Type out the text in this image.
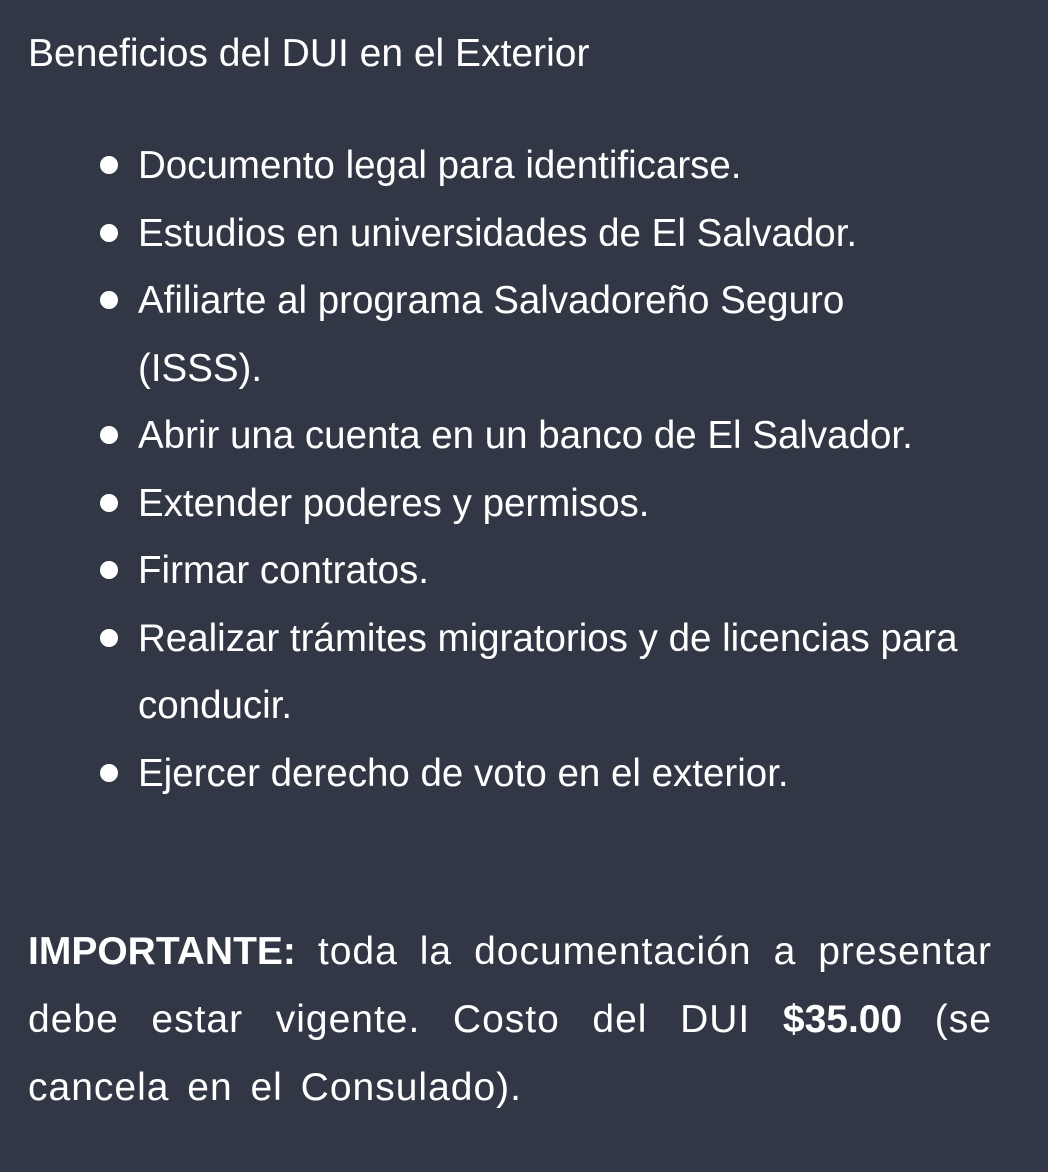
Beneficios del DUI en el Exterior
Documento legal para identificarse.
Estudios en universidades de El Salvador.
Afiliarte al programa Salvadoreño Seguro (ISSS).
Abrir una cuenta en un banco de El Salvador.
Extender poderes y permisos.
Firmar contratos.
Realizar trámites migratorios y de licencias para conducir.
Ejercer derecho de voto en el exterior.

IMPORTANTE: toda la documentación a presentar debe estar vigente. Costo del DUI $35.00 (se cancela en el Consulado).
